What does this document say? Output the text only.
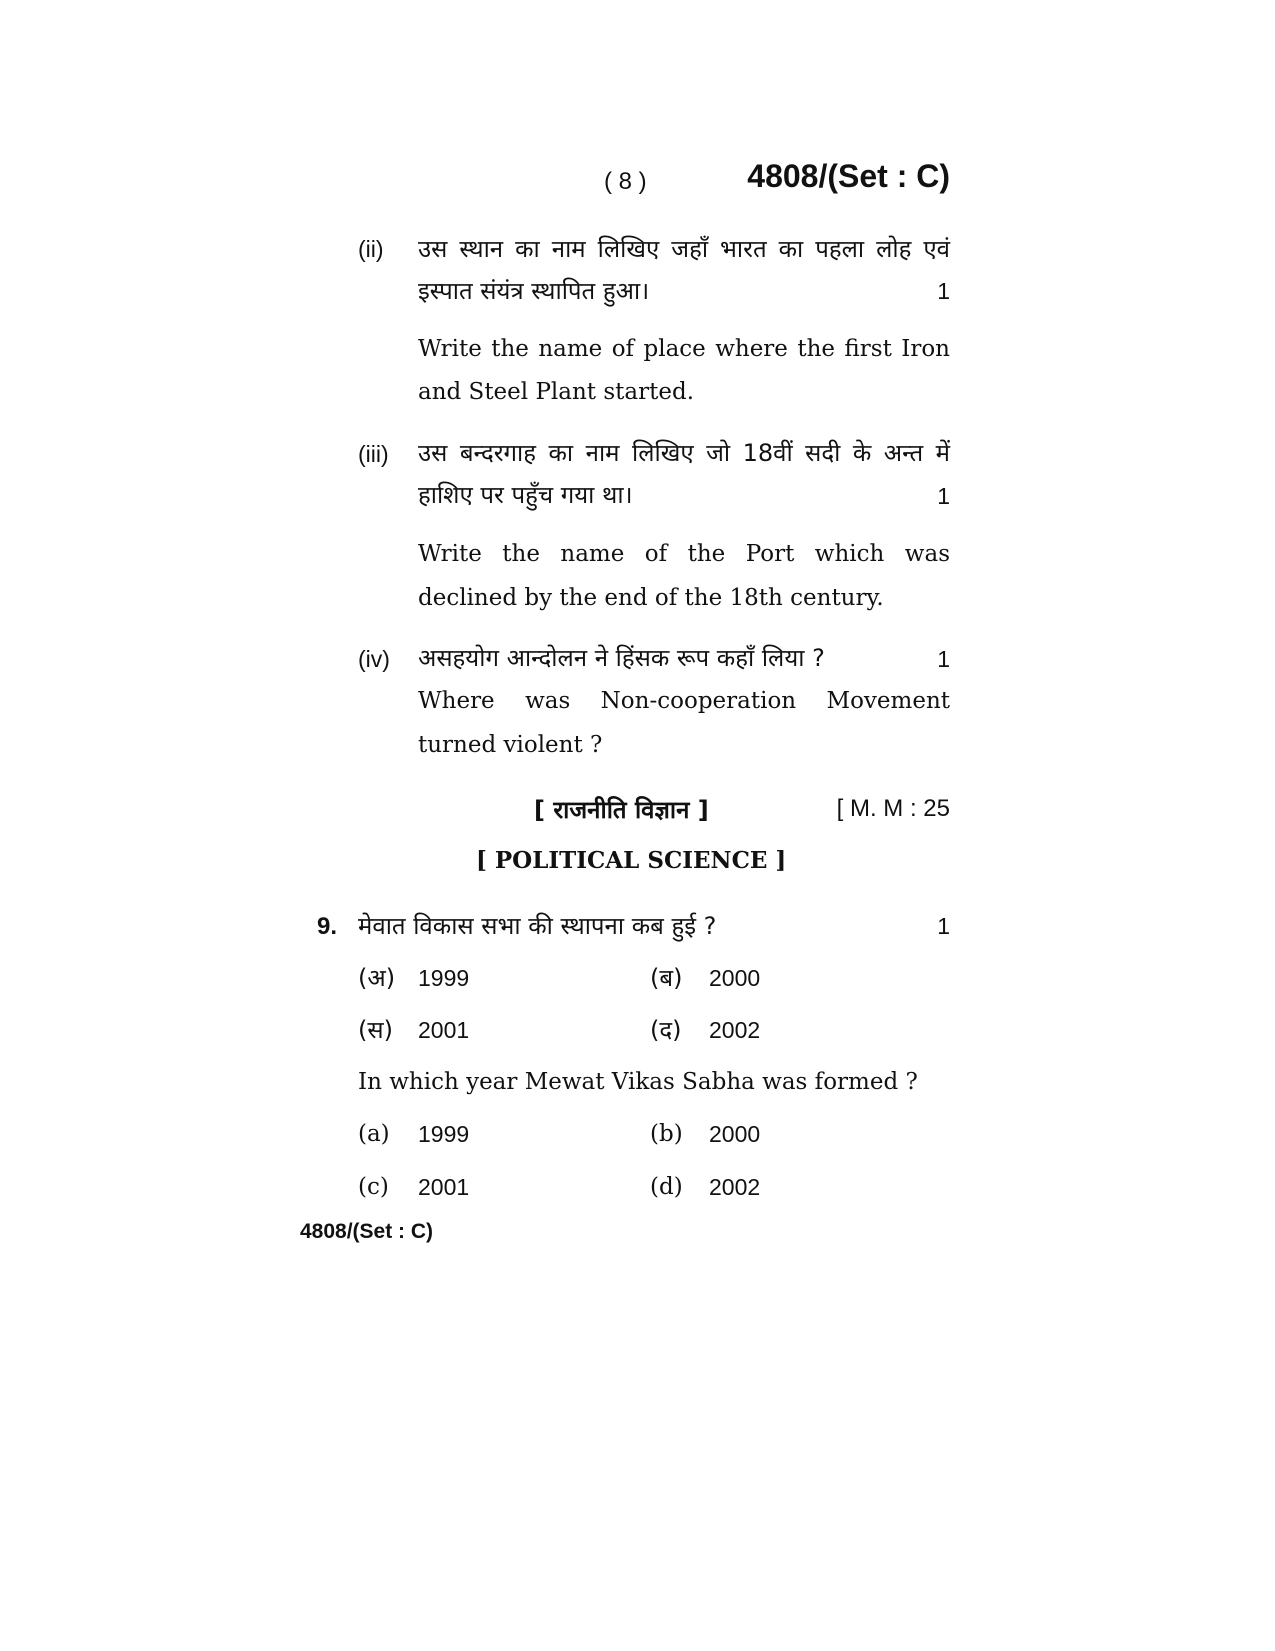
( 8 )	4808/(Set : C)
(ii) उस स्थान का नाम लिखिए जहाँ भारत का पहला लोह एवं
इस्पात संयंत्र स्थापित हुआ।	1
Write the name of place where the first Iron
and Steel Plant started.
(iii) उस बन्दरगाह का नाम लिखिए जो 18वीं सदी के अन्त में
हाशिए पर पहुँच गया था।	1
Write the name of the Port which was
declined by the end of the 18th century.
(iv) असहयोग आन्दोलन ने हिंसक रूप कहाँ लिया ?	1
Where was Non-cooperation Movement
turned violent ?
[ राजनीति विज्ञान ]	[ M. M : 25
[ POLITICAL SCIENCE ]
9. मेवात विकास सभा की स्थापना कब हुई ?	1
(अ) 1999	(ब) 2000
(स) 2001	(द) 2002
In which year Mewat Vikas Sabha was formed ?
(a) 1999	(b) 2000
(c) 2001	(d) 2002
4808/(Set : C)
